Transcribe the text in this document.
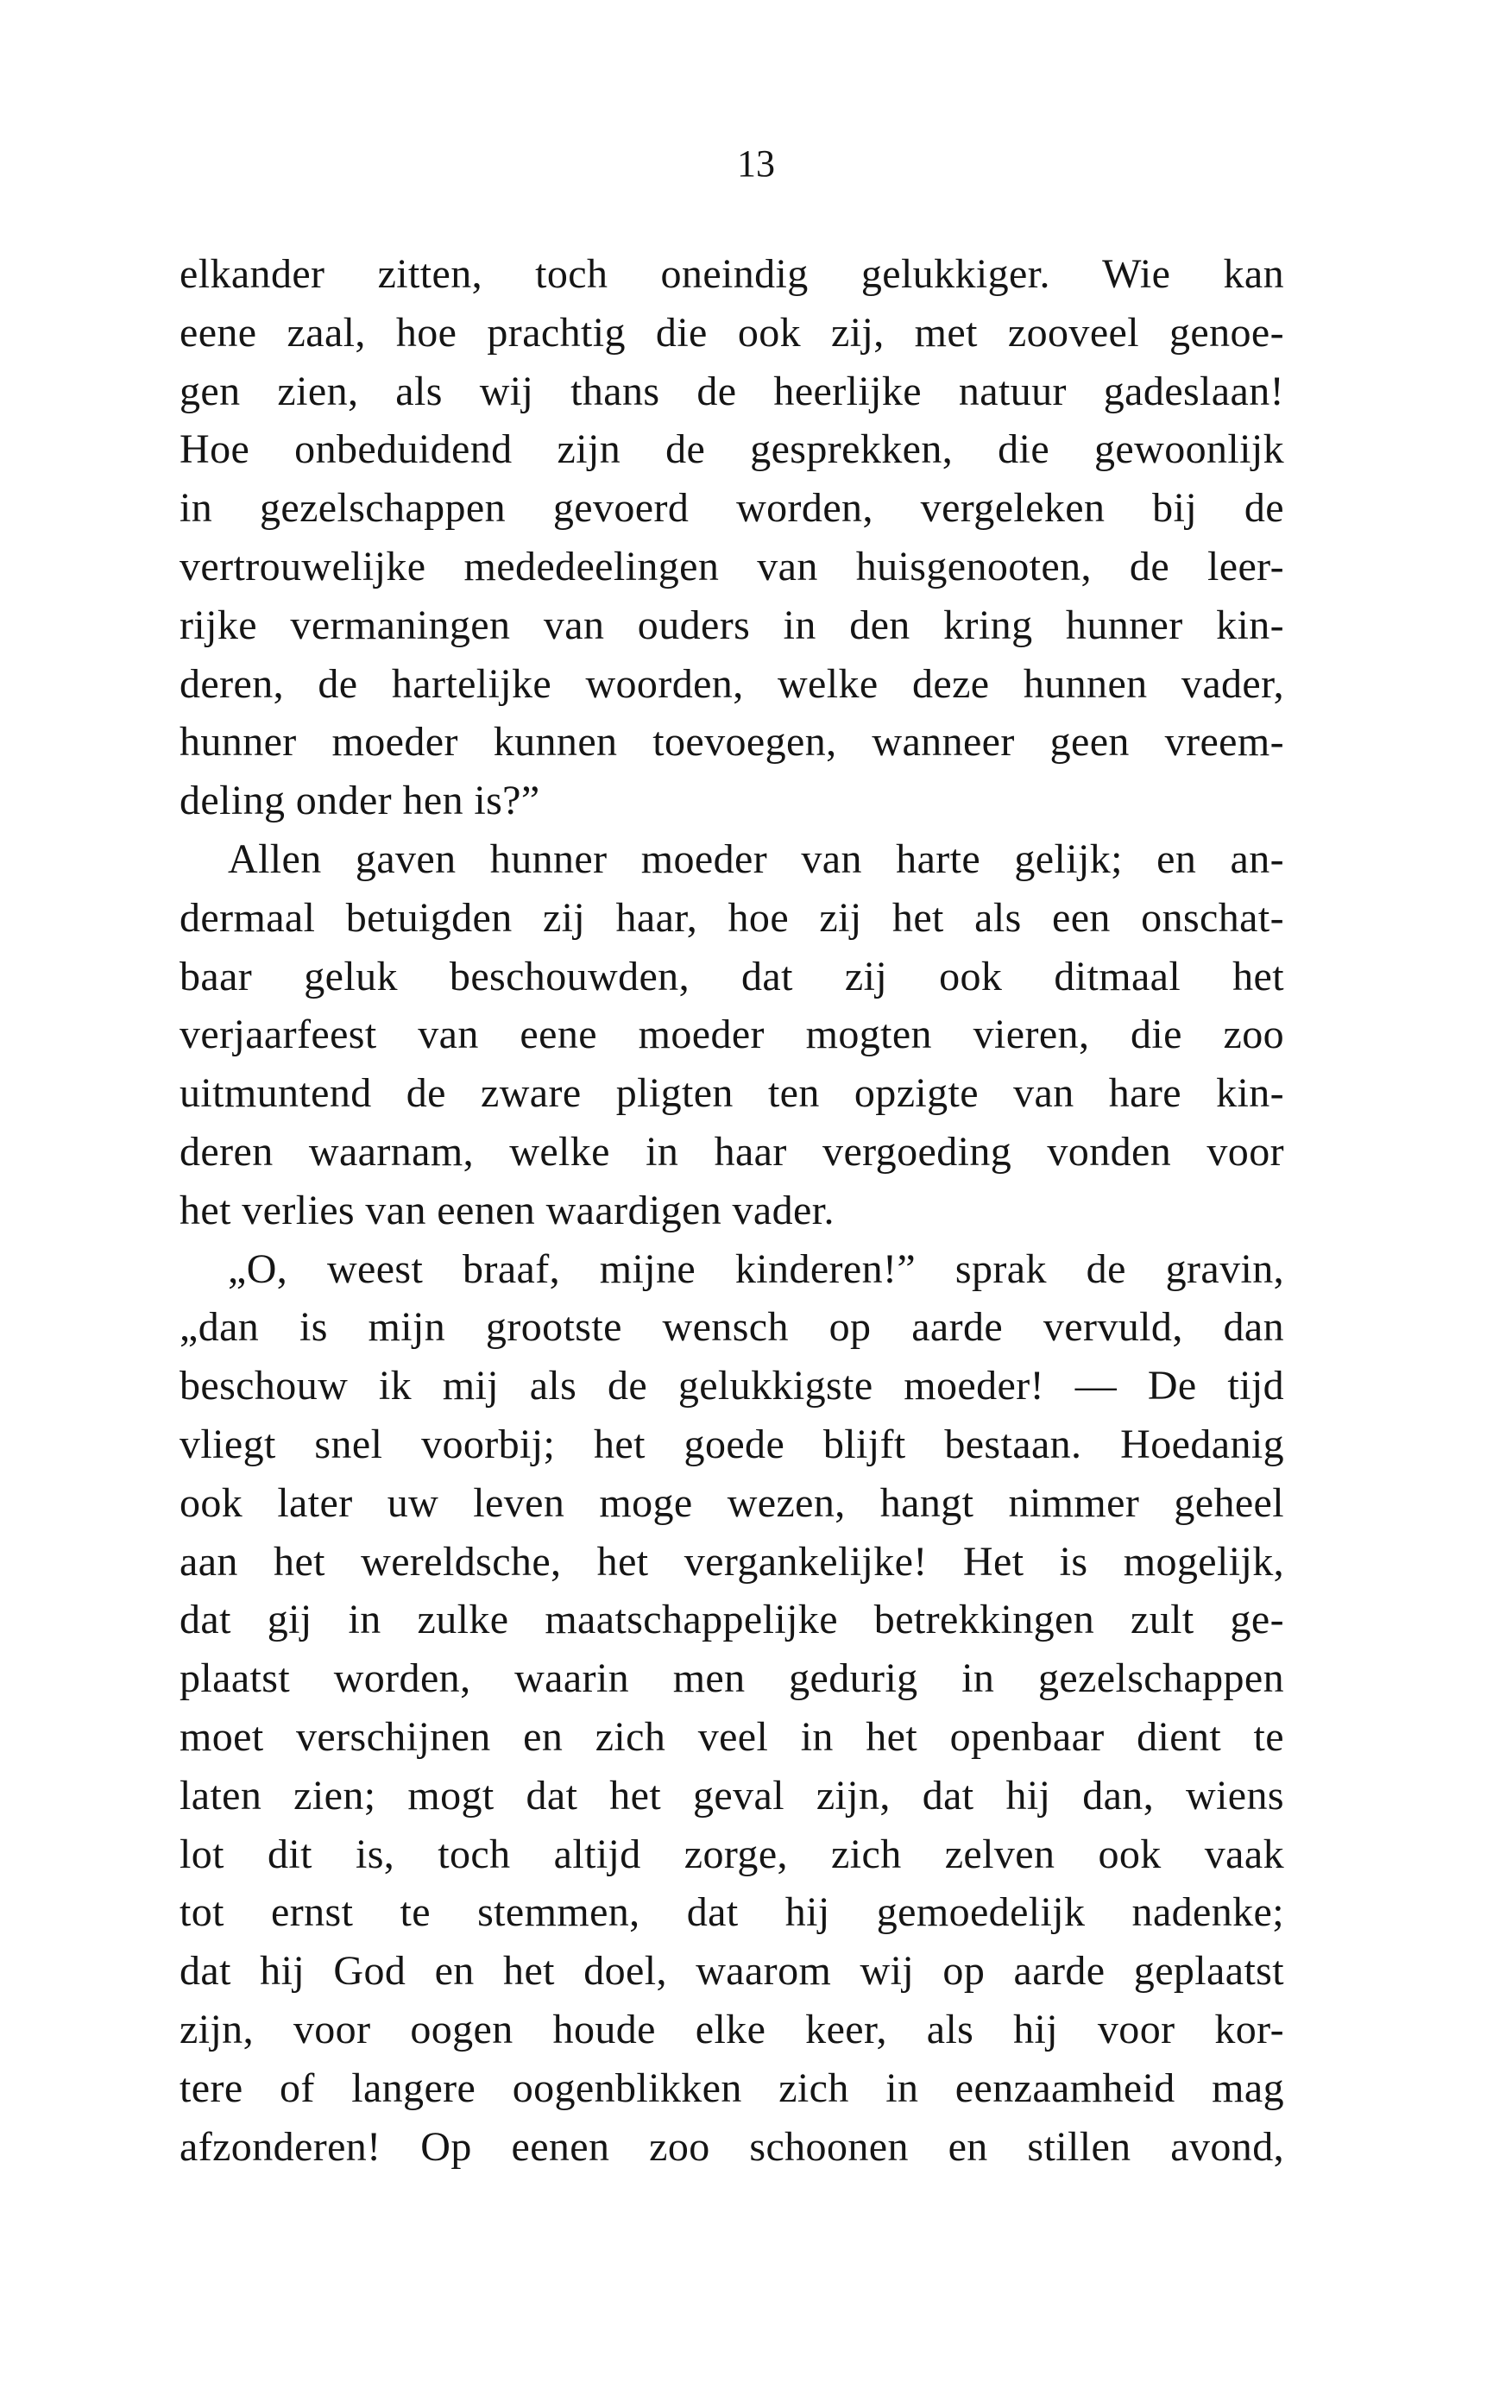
13
elkander zitten, toch oneindig gelukkiger. Wie kan
eene zaal, hoe prachtig die ook zij, met zooveel genoe-
gen zien, als wij thans de heerlijke natuur gadeslaan!
Hoe onbeduidend zijn de gesprekken, die gewoonlijk
in gezelschappen gevoerd worden, vergeleken bij de
vertrouwelijke mededeelingen van huisgenooten, de leer-
rijke vermaningen van ouders in den kring hunner kin-
deren, de hartelijke woorden, welke deze hunnen vader,
hunner moeder kunnen toevoegen, wanneer geen vreem-
deling onder hen is?”
Allen gaven hunner moeder van harte gelijk; en an-
dermaal betuigden zij haar, hoe zij het als een onschat-
baar geluk beschouwden, dat zij ook ditmaal het
verjaarfeest van eene moeder mogten vieren, die zoo
uitmuntend de zware pligten ten opzigte van hare kin-
deren waarnam, welke in haar vergoeding vonden voor
het verlies van eenen waardigen vader.
„O, weest braaf, mijne kinderen!” sprak de gravin,
„dan is mijn grootste wensch op aarde vervuld, dan
beschouw ik mij als de gelukkigste moeder! — De tijd
vliegt snel voorbij; het goede blijft bestaan. Hoedanig
ook later uw leven moge wezen, hangt nimmer geheel
aan het wereldsche, het vergankelijke! Het is mogelijk,
dat gij in zulke maatschappelijke betrekkingen zult ge-
plaatst worden, waarin men gedurig in gezelschappen
moet verschijnen en zich veel in het openbaar dient te
laten zien; mogt dat het geval zijn, dat hij dan, wiens
lot dit is, toch altijd zorge, zich zelven ook vaak
tot ernst te stemmen, dat hij gemoedelijk nadenke;
dat hij God en het doel, waarom wij op aarde geplaatst
zijn, voor oogen houde elke keer, als hij voor kor-
tere of langere oogenblikken zich in eenzaamheid mag
afzonderen! Op eenen zoo schoonen en stillen avond,
